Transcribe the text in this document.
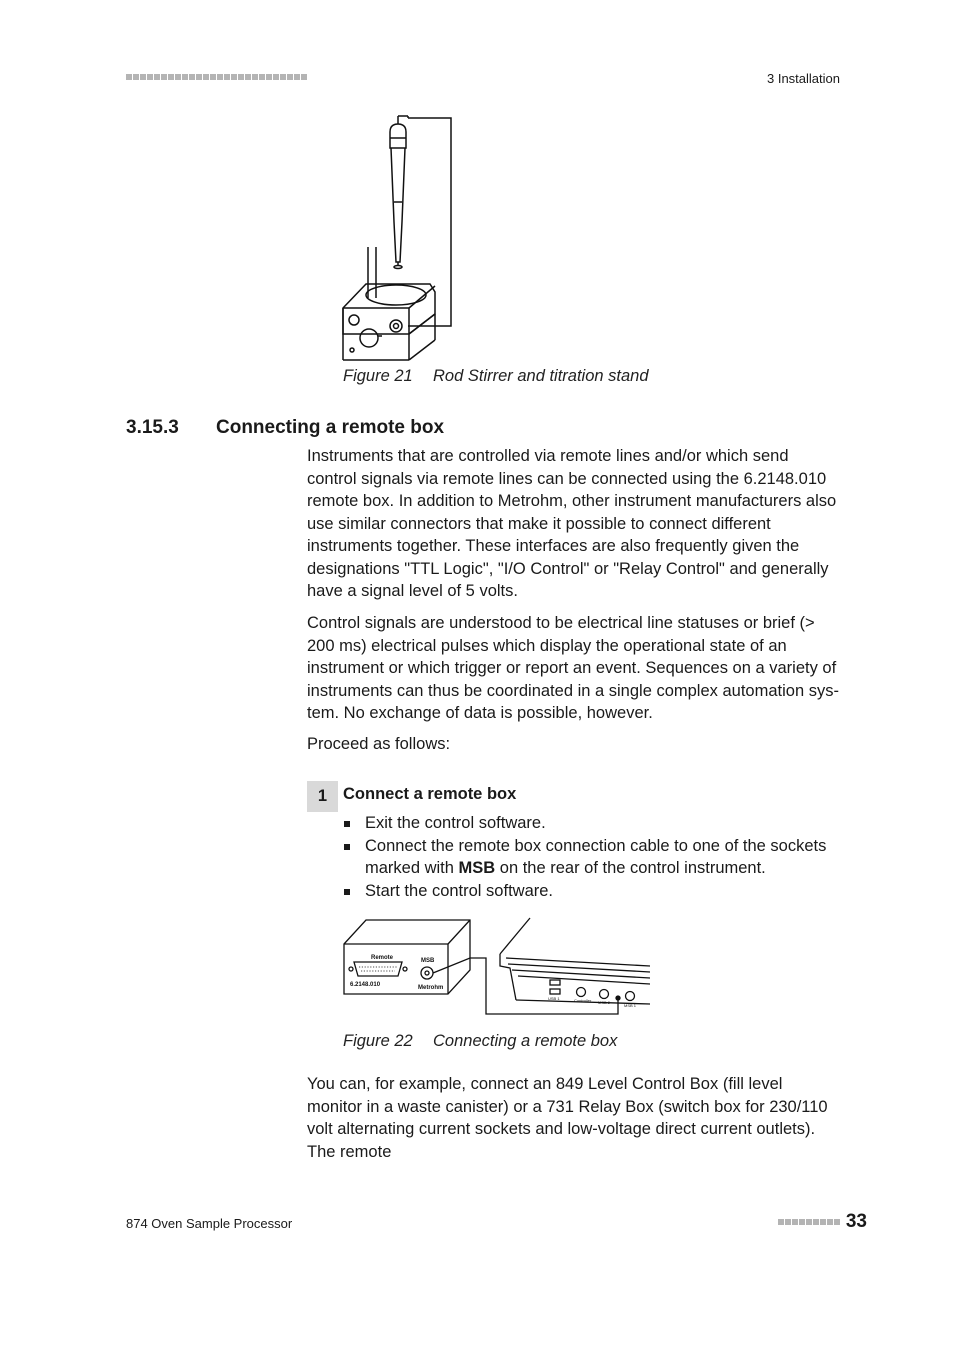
3 Installation
Figure 21 Rod Stirrer and titration stand
3.15.3 Connecting a remote box

Instruments that are controlled via remote lines and/or which send control signals via remote lines can be connected using the 6.2148.010 remote box. In addition to Metrohm, other instrument manufacturers also use similar connectors that make it possible to connect different instruments together. These interfaces are also frequently given the designations "TTL Logic", "I/O Control" or "Relay Control" and generally have a signal level of 5 volts.

Control signals are understood to be electrical line statuses or brief (> 200 ms) electrical pulses which display the operational state of an instrument or which trigger or report an event. Sequences on a variety of instruments can thus be coordinated in a single complex automation system. No exchange of data is possible, however.

Proceed as follows:

1 Connect a remote box
Exit the control software.
Connect the remote box connection cable to one of the sockets marked with MSB on the rear of the control instrument.
Start the control software.
Remote	MSB
6.2148.010	Metrohm
USB 1	Controller MSB 2
MSB 1
Figure 22 Connecting a remote box

You can, for example, connect an 849 Level Control Box (fill level monitor in a waste canister) or a 731 Relay Box (switch box for 230/110 volt alternating current sockets and low-voltage direct current outlets). The remote

874 Oven Sample Processor	33
